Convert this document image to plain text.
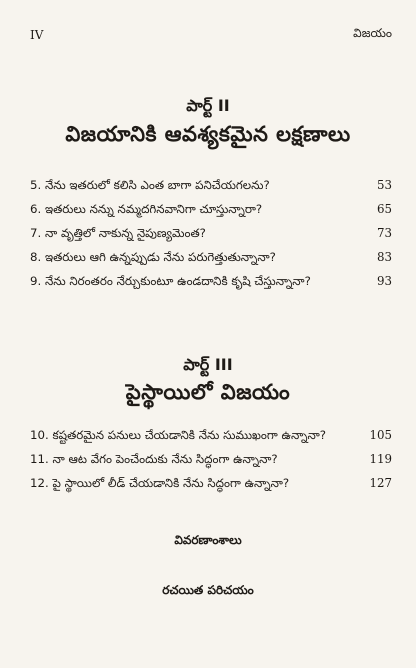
IV	విజయం
పార్ట్ II
విజయానికి ఆవశ్యకమైన లక్షణాలు
5. నేను ఇతరులో కలిసి ఎంత బాగా పనిచేయగలను?	53
6. ఇతరులు నన్ను నమ్మదగినవానిగా చూస్తున్నారా?	65
7. నా వృత్తిలో నాకున్న నైపుణ్యమెంత?	73
8. ఇతరులు ఆగి ఉన్నప్పుడు నేను పరుగెత్తుతున్నానా?	83
9. నేను నిరంతరం నేర్చుకుంటూ ఉండదానికి కృషి చేస్తున్నానా?	93
పార్ట్ III
పైస్థాయిలో విజయం
10. కష్టతరమైన పనులు చేయడానికి నేను సుముఖంగా ఉన్నానా?	105
11. నా ఆట వేగం పెంచేందుకు నేను సిద్ధంగా ఉన్నానా?	119
12. పై స్థాయిలో లీడ్ చేయడానికి నేను సిద్ధంగా ఉన్నానా?	127
వివరణాంశాలు
రచయిత పరిచయం
